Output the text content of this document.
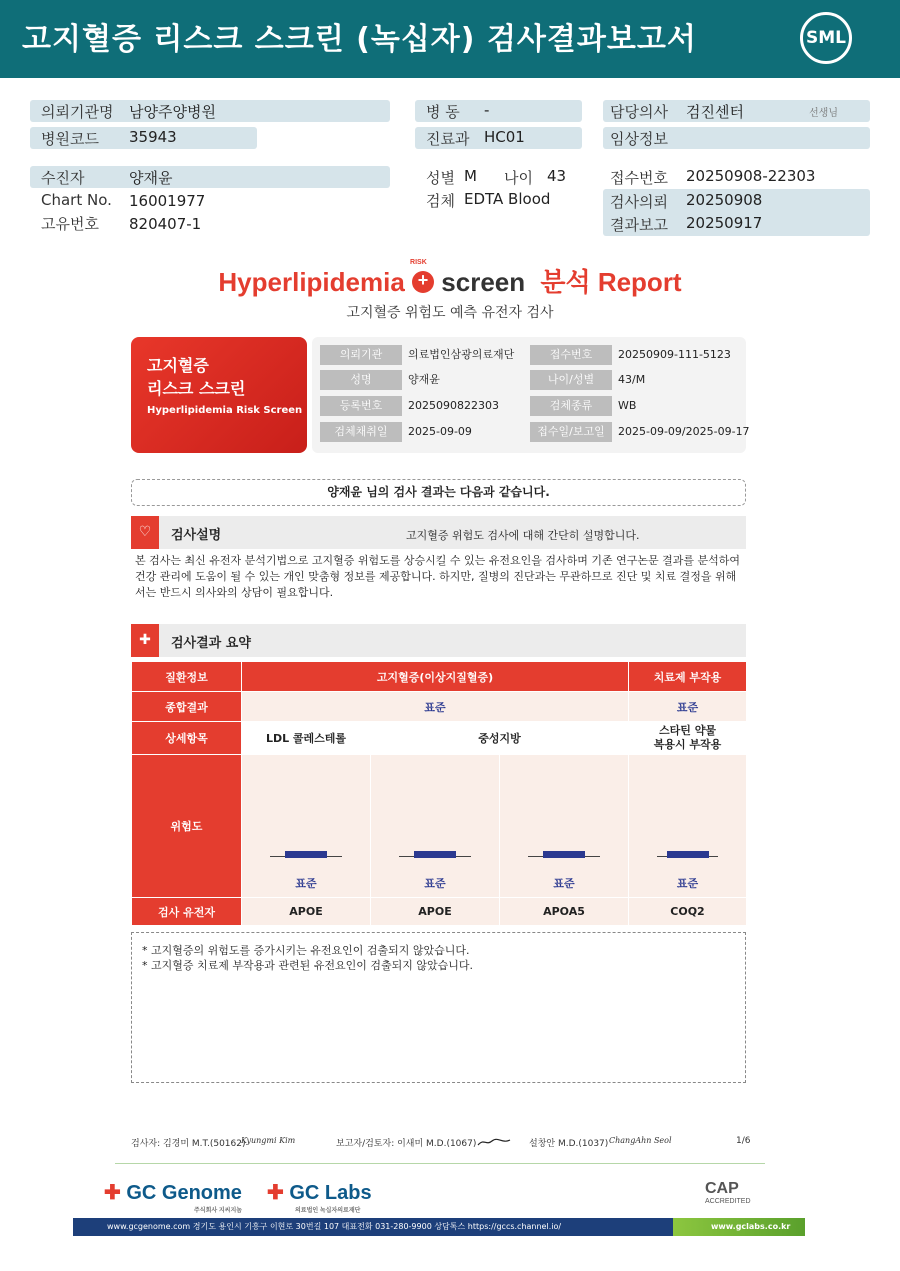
고지혈증 리스크 스크린 (녹십자) 검사결과보고서	SML
의뢰기관명 남양주양병원
병원코드 35943
병 동 -
진료과 HC01
담당의사 검진센터	선생님
임상정보
수진자	양재윤
Chart No. 16001977
고유번호 820407-1
성별 M 나이 43
검체 EDTA Blood
접수번호 20250908-22303
검사의뢰 20250908
결과보고 20250917
Hyperlipidemia +
RISK
screen 분석 Report
고지혈증 위험도 예측 유전자 검사
고지혈증
리스크 스크린
Hyperlipidemia Risk Screen
의뢰기관	의료법인삼광의료재단	접수번호	20250909-111-5123
성명	양재윤	나이/성별	43/M
등록번호	2025090822303	검체종류	WB
검체채취일	2025-09-09	접수일/보고일	2025-09-09/2025-09-17
양재윤 님의 검사 결과는 다음과 같습니다.
♡	검사설명	고지혈증 위험도 검사에 대해 간단히 설명합니다.
본 검사는 최신 유전자 분석기법으로 고지혈증 위험도를 상승시킬 수 있는 유전요인을 검사하며 기존 연구논문 결과를 분석하여 건강 관리에 도움이 될 수 있는 개인 맞춤형 정보를 제공합니다. 하지만, 질병의 진단과는 무관하므로 진단 및 치료 결정을 위해서는 반드시 의사와의 상담이 필요합니다.
✚	검사결과 요약
질환정보	고지혈증(이상지질혈증)			치료제 부작용
종합결과	표준			표준
상세항목	LDL 콜레스테롤	중성지방		스타틴 약물
복용시 부작용

위험도	표준	표준	표준	표준

검사 유전자	APOE	APOE	APOA5	COQ2
* 고지혈증의 위험도를 증가시키는 유전요인이 검출되지 않았습니다.
* 고지혈증 치료제 부작용과 관련된 유전요인이 검출되지 않았습니다.
검사자: 김경미 M.T.(50162)
Kyungmi Kim	보고자/검토자: 이새미 M.D.(1067)	설창안 M.D.(1037) ChangAhn Seol	1/6
✚ GC Genome
주식회사 지씨지놈
✚ GC Labs
의료법인 녹십자의료재단
CAP
ACCREDITED
www.gcgenome.com 경기도 용인시 기흥구 이현로 30번길 107 대표전화 031-280-9900 상담톡스 https://gccs.channel.io/	www.gclabs.co.kr
